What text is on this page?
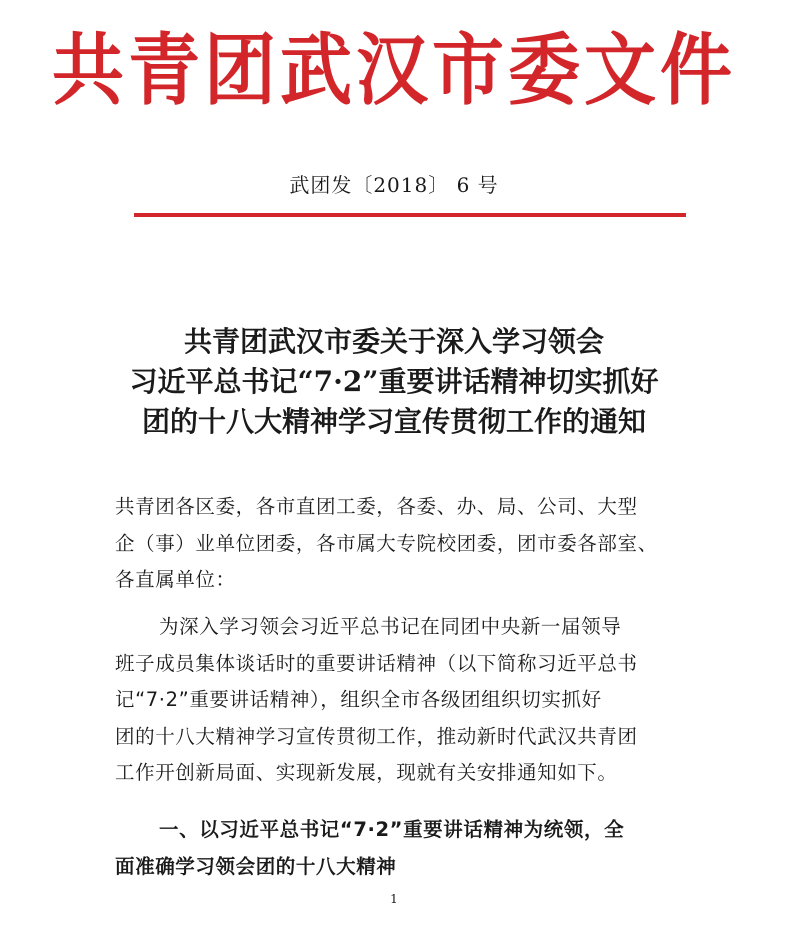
共青团武汉市委文件
武团发〔2018〕 6 号
共青团武汉市委关于深入学习领会
习近平总书记“7·2”重要讲话精神切实抓好
团的十八大精神学习宣传贯彻工作的通知
共青团各区委，各市直团工委，各委、办、局、公司、大型
企（事）业单位团委，各市属大专院校团委，团市委各部室、
各直属单位：
为深入学习领会习近平总书记在同团中央新一届领导
班子成员集体谈话时的重要讲话精神（以下简称习近平总书
记“7·2”重要讲话精神），组织全市各级团组织切实抓好
团的十八大精神学习宣传贯彻工作，推动新时代武汉共青团
工作开创新局面、实现新发展，现就有关安排通知如下。
一、以习近平总书记“7·2”重要讲话精神为统领，全
面准确学习领会团的十八大精神
1
